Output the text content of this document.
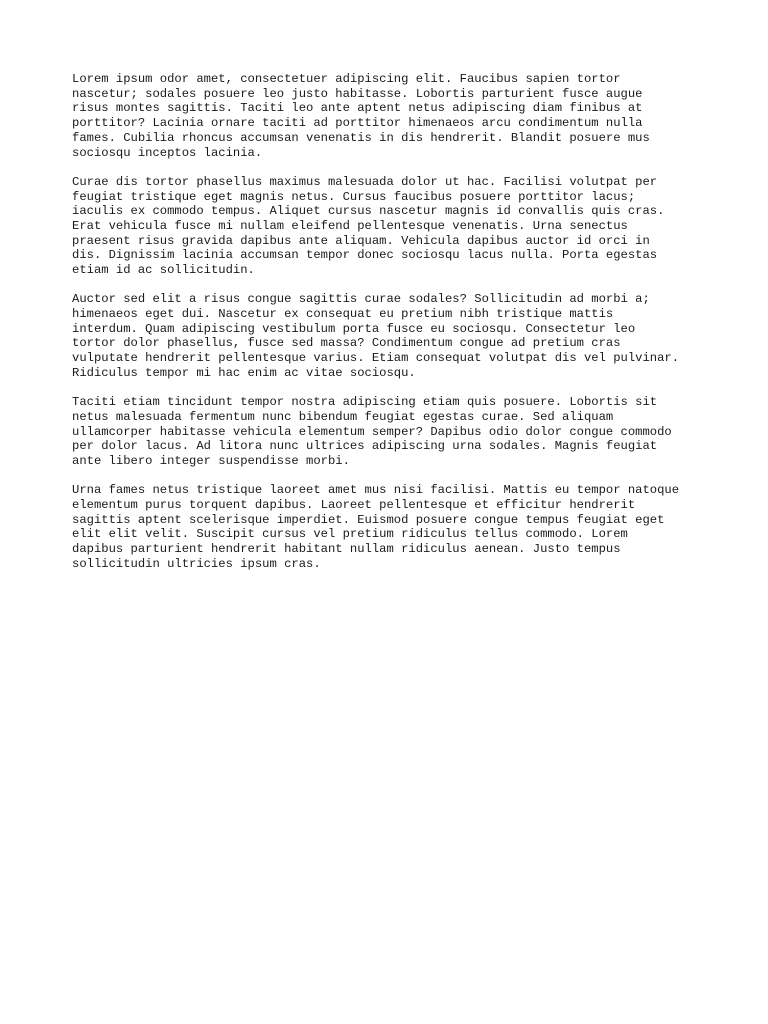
Lorem ipsum odor amet, consectetuer adipiscing elit. Faucibus sapien tortor
nascetur; sodales posuere leo justo habitasse. Lobortis parturient fusce augue
risus montes sagittis. Taciti leo ante aptent netus adipiscing diam finibus at
porttitor? Lacinia ornare taciti ad porttitor himenaeos arcu condimentum nulla
fames. Cubilia rhoncus accumsan venenatis in dis hendrerit. Blandit posuere mus
sociosqu inceptos lacinia.

Curae dis tortor phasellus maximus malesuada dolor ut hac. Facilisi volutpat per
feugiat tristique eget magnis netus. Cursus faucibus posuere porttitor lacus;
iaculis ex commodo tempus. Aliquet cursus nascetur magnis id convallis quis cras.
Erat vehicula fusce mi nullam eleifend pellentesque venenatis. Urna senectus
praesent risus gravida dapibus ante aliquam. Vehicula dapibus auctor id orci in
dis. Dignissim lacinia accumsan tempor donec sociosqu lacus nulla. Porta egestas
etiam id ac sollicitudin.

Auctor sed elit a risus congue sagittis curae sodales? Sollicitudin ad morbi a;
himenaeos eget dui. Nascetur ex consequat eu pretium nibh tristique mattis
interdum. Quam adipiscing vestibulum porta fusce eu sociosqu. Consectetur leo
tortor dolor phasellus, fusce sed massa? Condimentum congue ad pretium cras
vulputate hendrerit pellentesque varius. Etiam consequat volutpat dis vel pulvinar.
Ridiculus tempor mi hac enim ac vitae sociosqu.

Taciti etiam tincidunt tempor nostra adipiscing etiam quis posuere. Lobortis sit
netus malesuada fermentum nunc bibendum feugiat egestas curae. Sed aliquam
ullamcorper habitasse vehicula elementum semper? Dapibus odio dolor congue commodo
per dolor lacus. Ad litora nunc ultrices adipiscing urna sodales. Magnis feugiat
ante libero integer suspendisse morbi.

Urna fames netus tristique laoreet amet mus nisi facilisi. Mattis eu tempor natoque
elementum purus torquent dapibus. Laoreet pellentesque et efficitur hendrerit
sagittis aptent scelerisque imperdiet. Euismod posuere congue tempus feugiat eget
elit elit velit. Suscipit cursus vel pretium ridiculus tellus commodo. Lorem
dapibus parturient hendrerit habitant nullam ridiculus aenean. Justo tempus
sollicitudin ultricies ipsum cras.
